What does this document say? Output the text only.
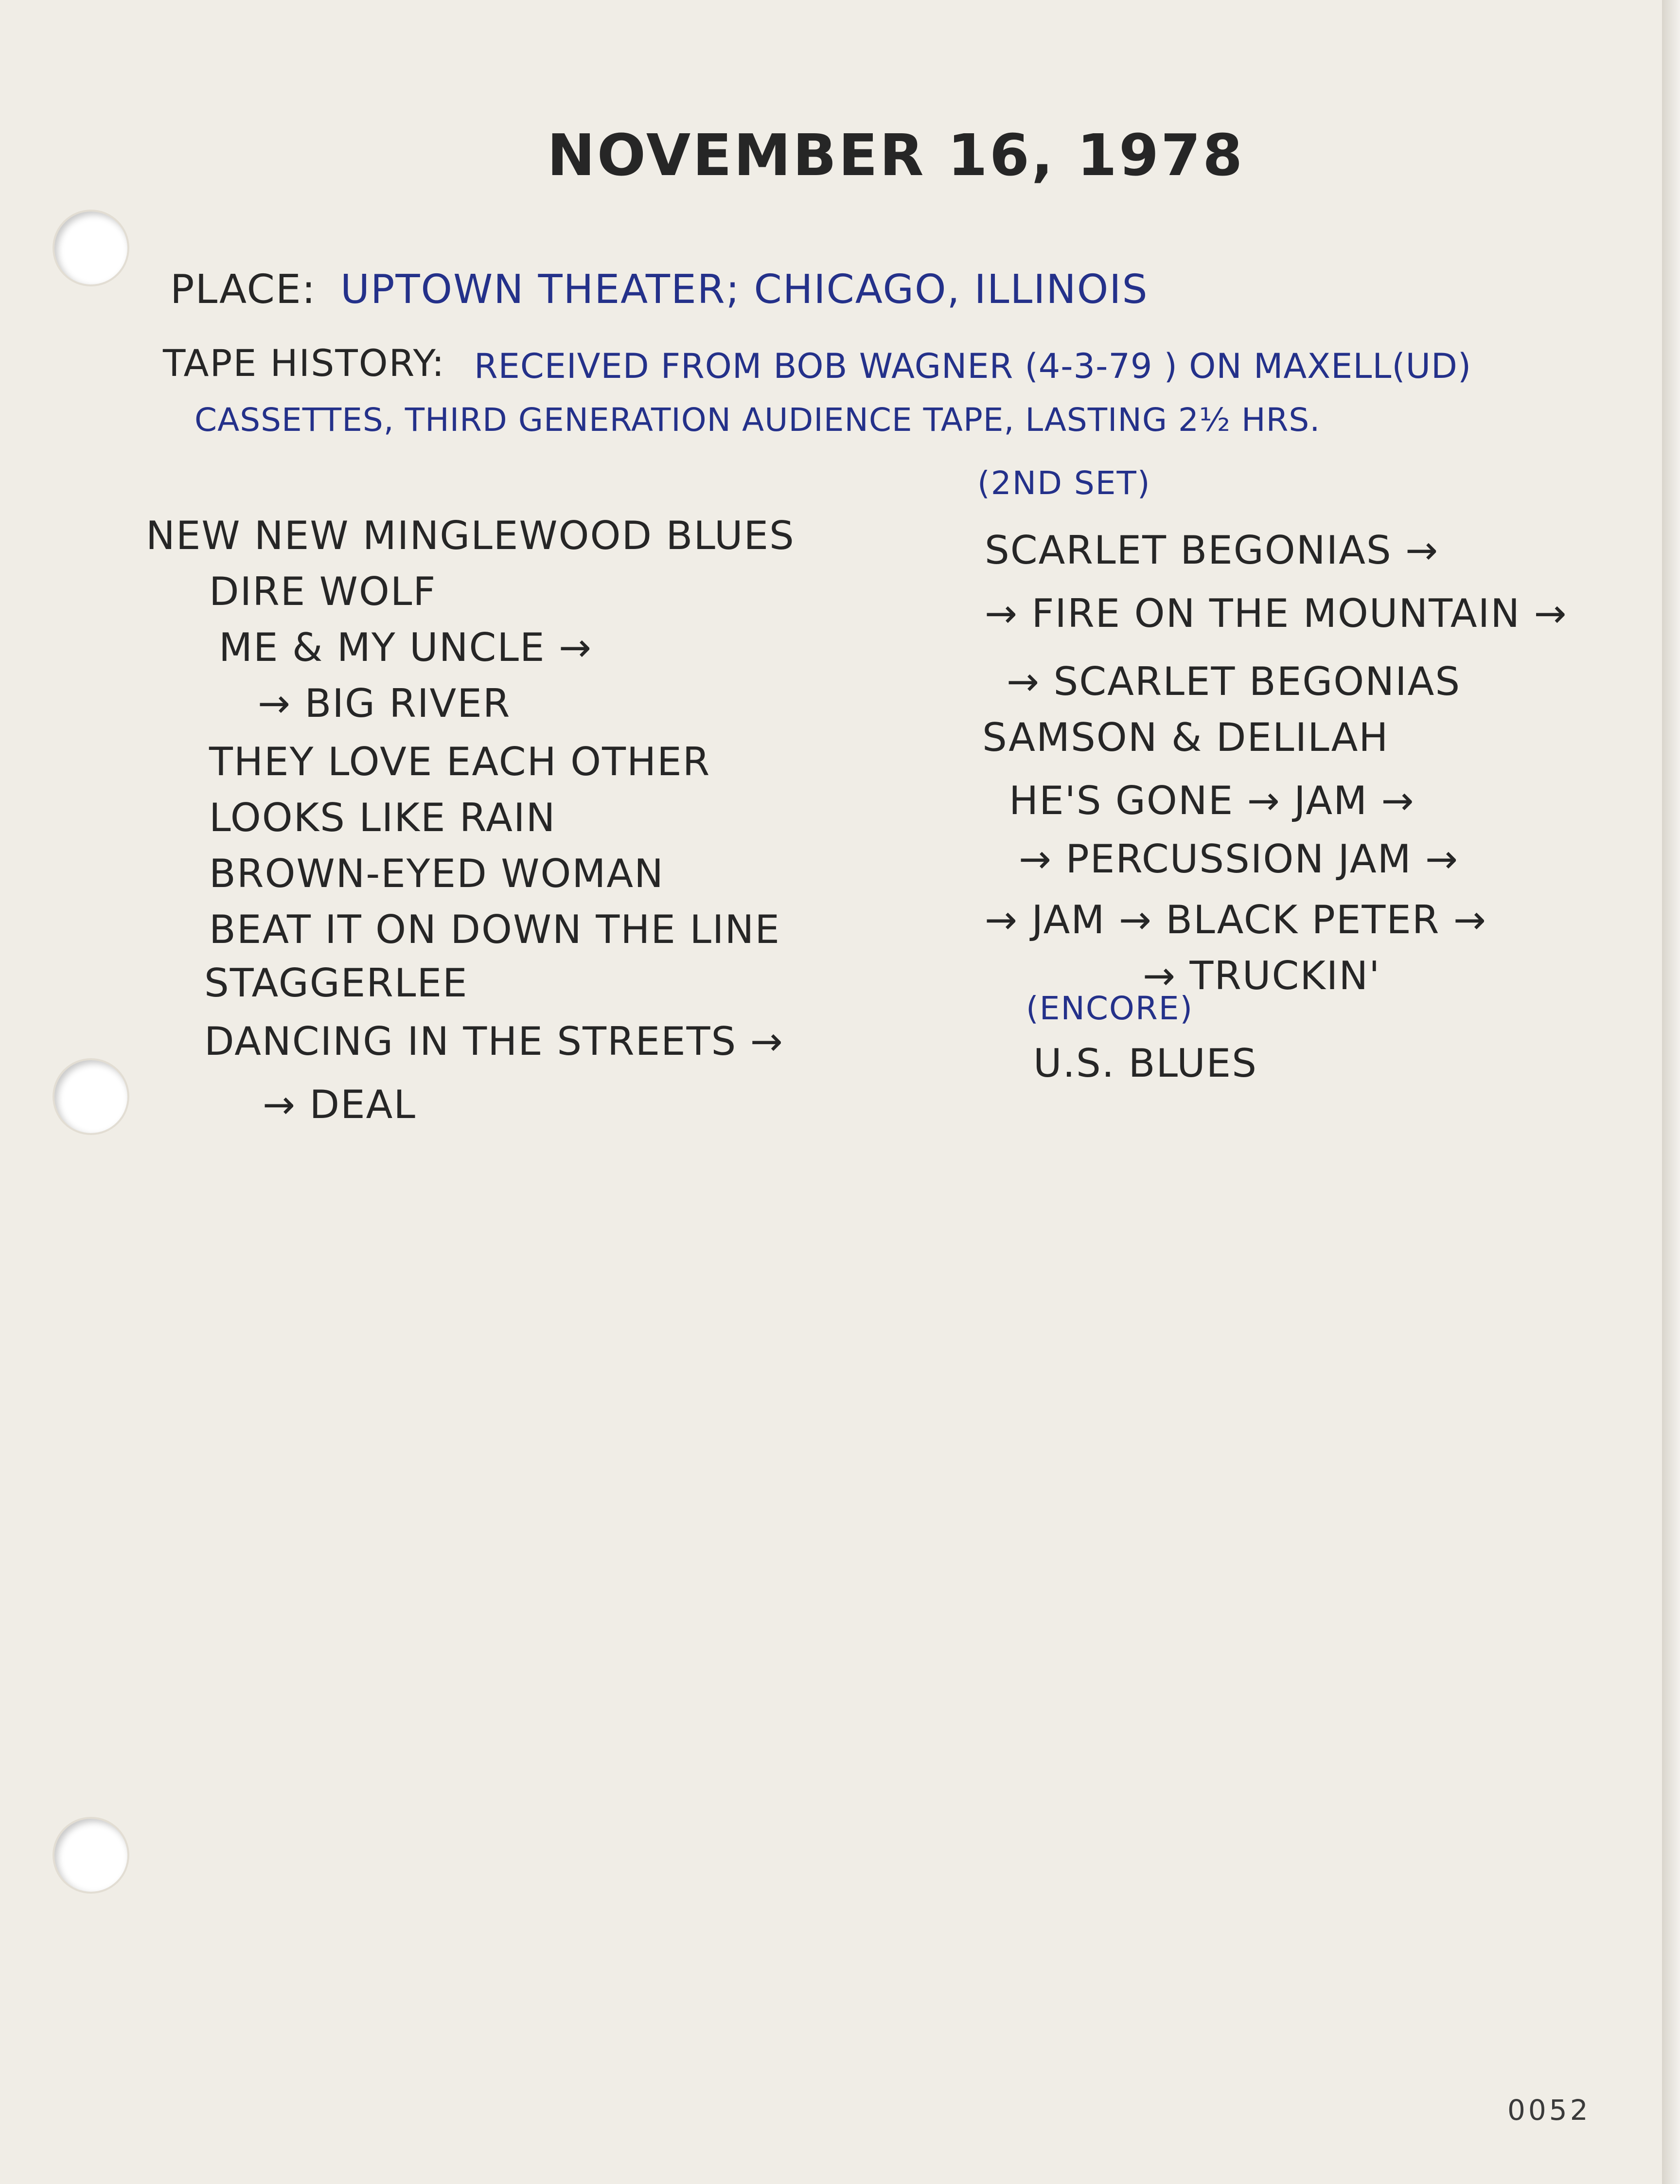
NOVEMBER 16, 1978
PLACE: UPTOWN THEATER; CHICAGO, ILLINOIS
TAPE HISTORY: RECEIVED FROM BOB WAGNER (4-3-79 ) ON MAXELL(UD)
CASSETTES, THIRD GENERATION AUDIENCE TAPE, LASTING 2½ HRS.
NEW NEW MINGLEWOOD BLUES
DIRE WOLF
ME & MY UNCLE →
→ BIG RIVER
THEY LOVE EACH OTHER
LOOKS LIKE RAIN
BROWN-EYED WOMAN
BEAT IT ON DOWN THE LINE
STAGGERLEE
DANCING IN THE STREETS →
→ DEAL
(2ND SET)
SCARLET BEGONIAS →
→ FIRE ON THE MOUNTAIN →
→ SCARLET BEGONIAS
SAMSON & DELILAH
HE'S GONE → JAM →
→ PERCUSSION JAM →
→ JAM → BLACK PETER →
→ TRUCKIN'
(ENCORE)
U.S. BLUES
0052
